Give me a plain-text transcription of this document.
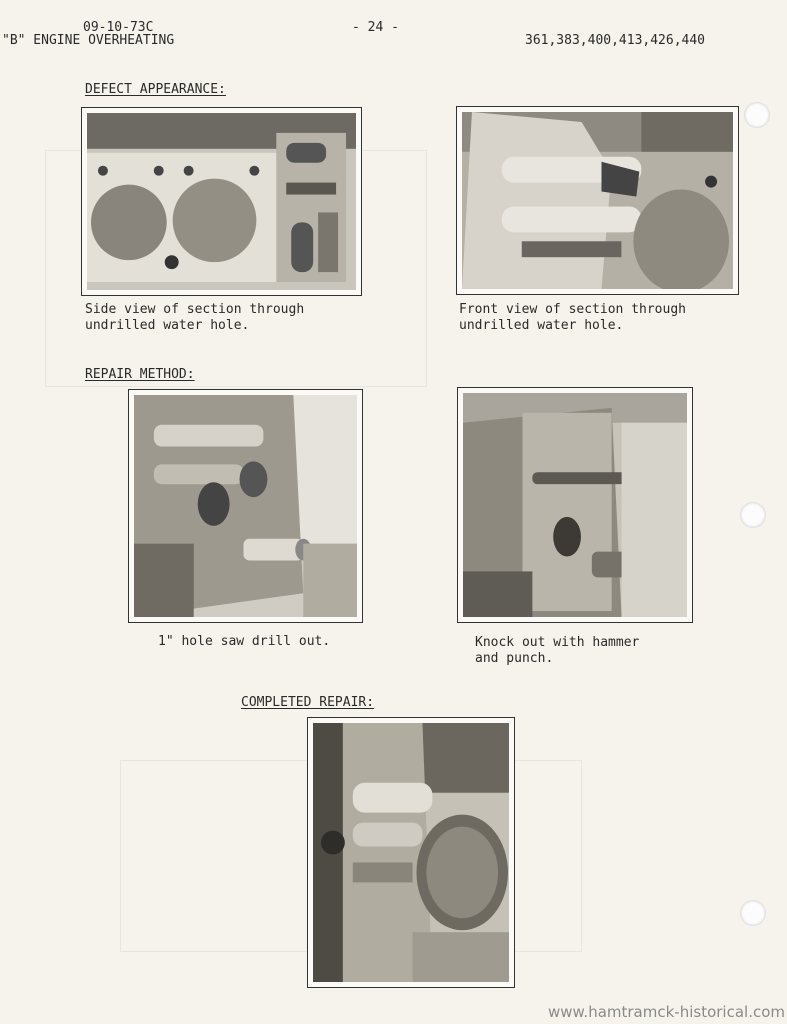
09-10-73C
"B" ENGINE OVERHEATING
- 24 -
361,383,400,413,426,440
DEFECT APPEARANCE:
Side view of section through
undrilled water hole.
Front view of section through
undrilled water hole.
REPAIR METHOD:
1" hole saw drill out.	Knock out with hammer
and punch.
COMPLETED REPAIR:
www.hamtramck-historical.com
